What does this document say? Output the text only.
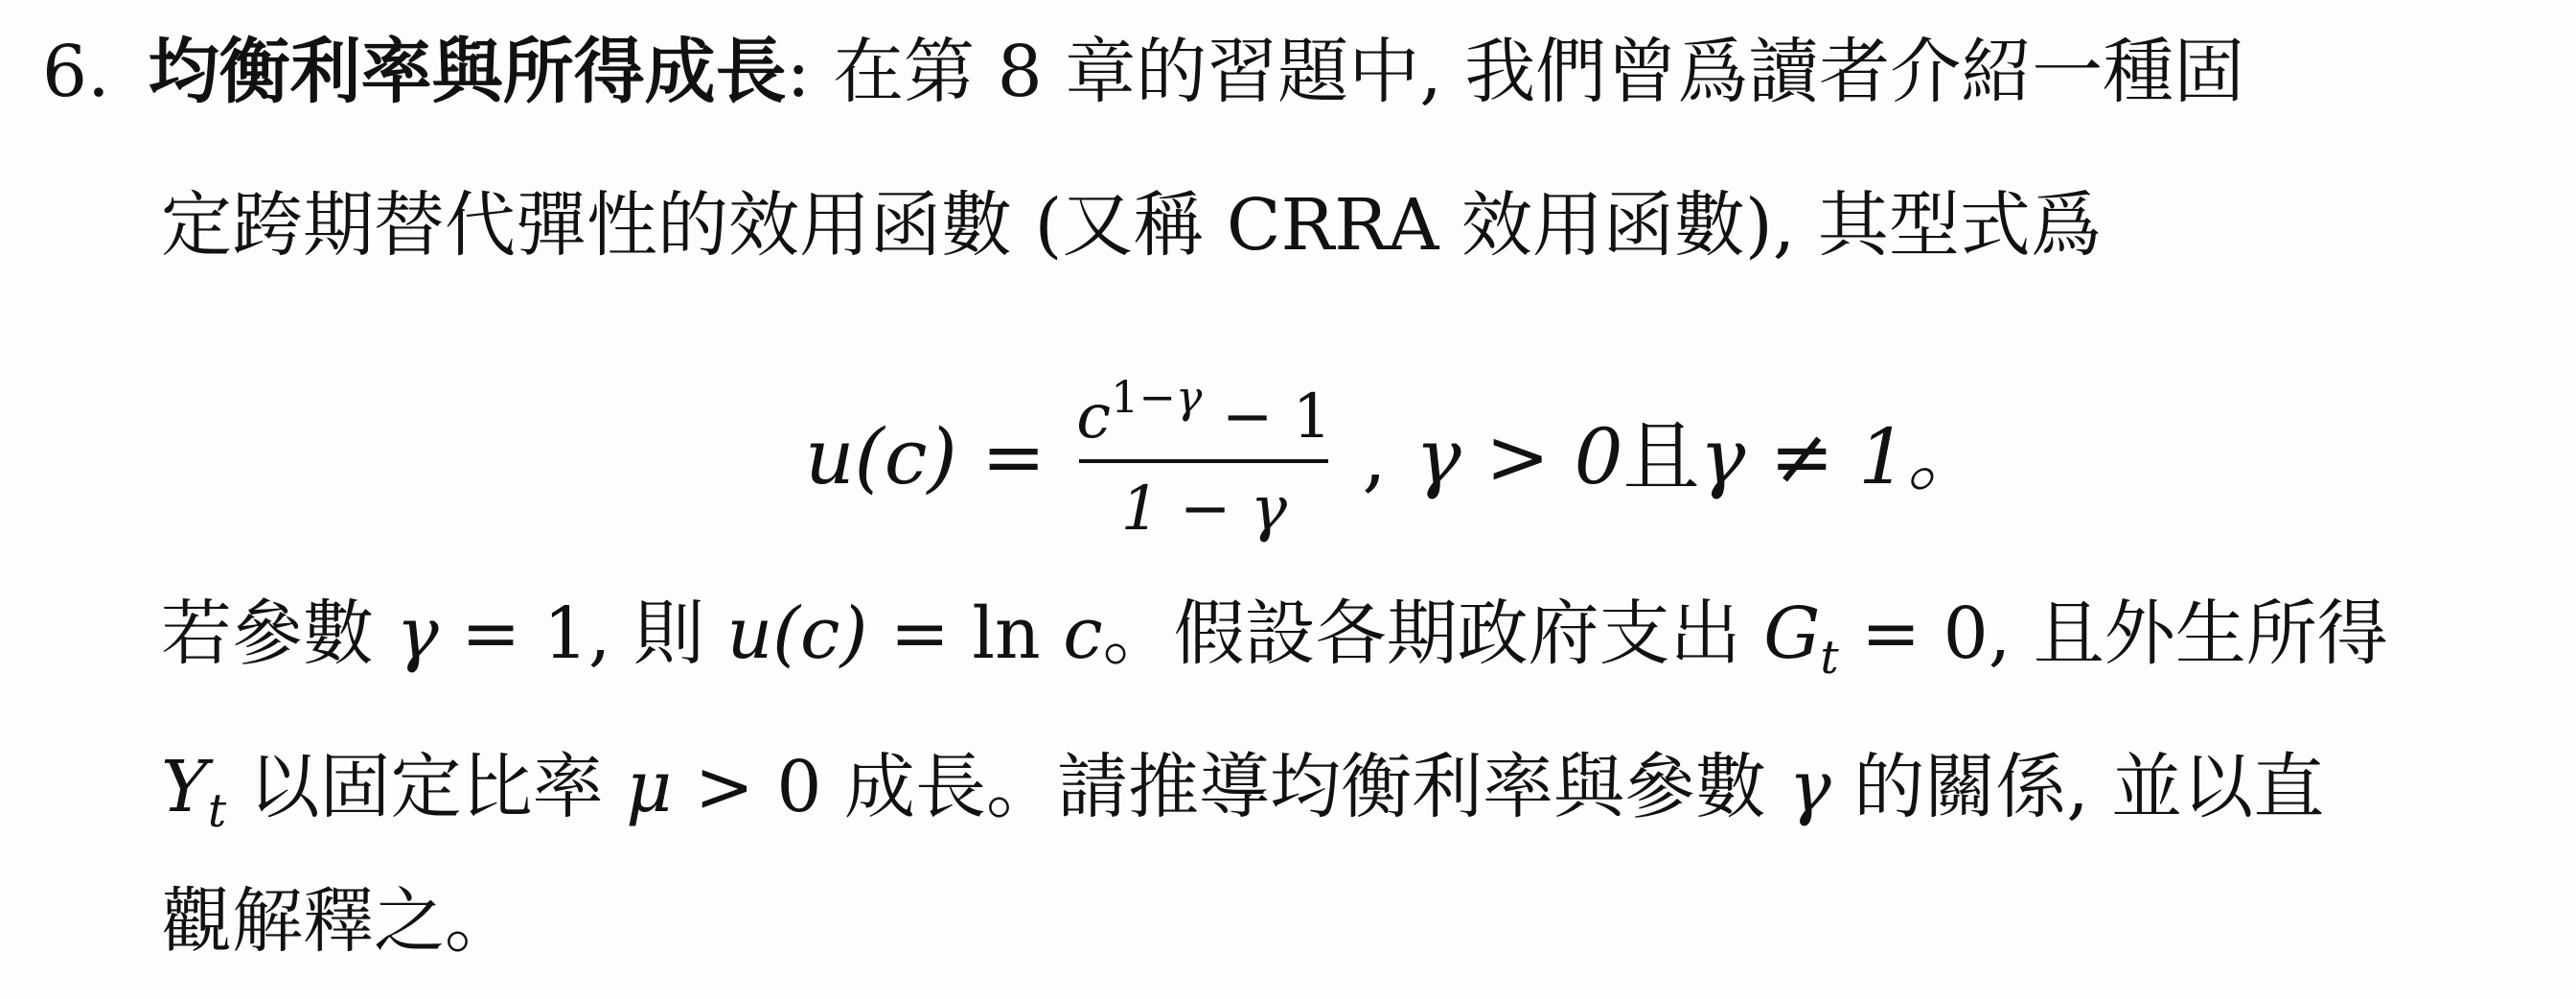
6. 均衡利率與所得成長: 在第 8 章的習題中, 我們曾爲讀者介紹一種固
定跨期替代彈性的效用函數 (又稱 CRRA 效用函數), 其型式爲
$u(c) = \frac{c^{1-\gamma} - 1}{1 - \gamma}$ , γ > 0 且 γ ≠ 1。
若參數 γ = 1, 則 u(c) = ln c。假設各期政府支出 $G_t = 0$, 且外生所得
$Y_t$ 以固定比率 μ > 0 成長。請推導均衡利率與參數 γ 的關係, 並以直
觀解釋之。
